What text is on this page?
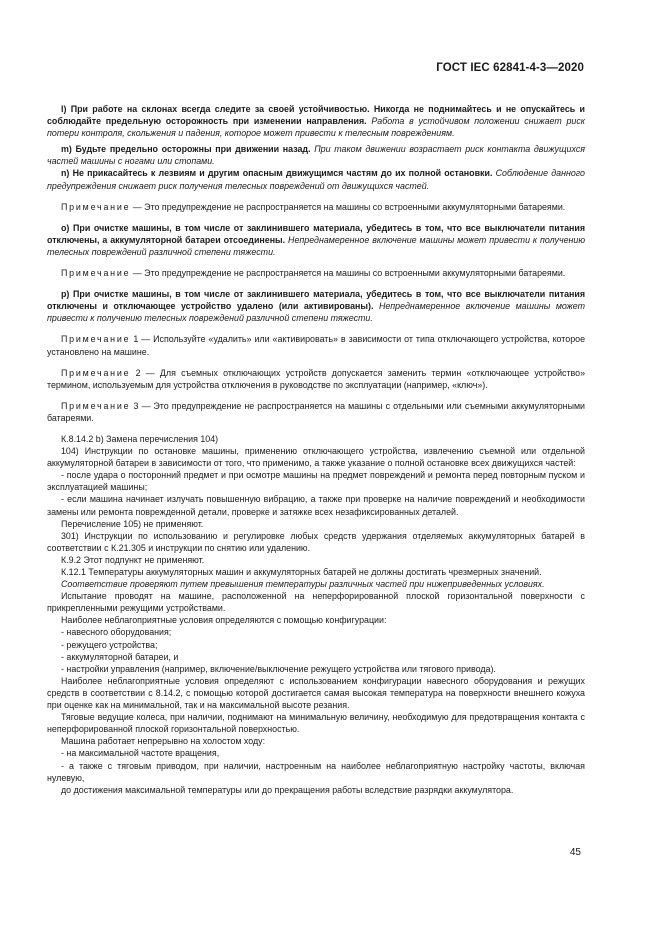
ГОСТ IEC 62841-4-3—2020

l) При работе на склонах всегда следите за своей устойчивостью. Никогда не поднимайтесь и не опускайтесь и соблюдайте предельную осторожность при изменении направления. Работа в устойчивом положении снижает риск потери контроля, скольжения и падения, которое может привести к телесным повреждениям.

m) Будьте предельно осторожны при движении назад. При таком движении возрастает риск контакта движущихся частей машины с ногами или стопами.

n) Не прикасайтесь к лезвиям и другим опасным движущимся частям до их полной остановки. Соблюдение данного предупреждения снижает риск получения телесных повреждений от движущихся частей.

Примечание — Это предупреждение не распространяется на машины со встроенными аккумуляторными батареями.

o) При очистке машины, в том числе от заклинившего материала, убедитесь в том, что все выключатели питания отключены, а аккумуляторной батареи отсоединены. Непреднамеренное включение машины может привести к получению телесных повреждений различной степени тяжести.

Примечание — Это предупреждение не распространяется на машины со встроенными аккумуляторными батареями.

p) При очистке машины, в том числе от заклинившего материала, убедитесь в том, что все выключатели питания отключены и отключающее устройство удалено (или активированы). Непреднамеренное включение машины может привести к получению телесных повреждений различной степени тяжести.

Примечание 1 — Используйте «удалить» или «активировать» в зависимости от типа отключающего устройства, которое установлено на машине.

Примечание 2 — Для съемных отключающих устройств допускается заменить термин «отключающее устройство» термином, используемым для устройства отключения в руководстве по эксплуатации (например, «ключ»).

Примечание 3 — Это предупреждение не распространяется на машины с отдельными или съемными аккумуляторными батареями.

К.8.14.2 b) Замена перечисления 104)

104) Инструкции по остановке машины, применению отключающего устройства, извлечению съемной или отдельной аккумуляторной батареи в зависимости от того, что применимо, а также указание о полной остановке всех движущихся частей:

- после удара о посторонний предмет и при осмотре машины на предмет повреждений и ремонта перед повторным пуском и эксплуатацией машины;

- если машина начинает излучать повышенную вибрацию, а также при проверке на наличие повреждений и необходимости замены или ремонта поврежденной детали, проверке и затяжке всех незафиксированных деталей.

Перечисление 105) не применяют.

301) Инструкции по использованию и регулировке любых средств удержания отделяемых аккумуляторных батарей в соответствии с К.21.305 и инструкции по снятию или удалению.

К.9.2 Этот подпункт не применяют.

К.12.1 Температуры аккумуляторных машин и аккумуляторных батарей не должны достигать чрезмерных значений.

Соответствие проверяют путем превышения температуры различных частей при нижеприведенных условиях.

Испытание проводят на машине, расположенной на неперфорированной плоской горизонтальной поверхности с прикрепленными режущими устройствами.

Наиболее неблагоприятные условия определяются с помощью конфигурации:

- навесного оборудования;

- режущего устройства;

- аккумуляторной батареи, и

- настройки управления (например, включение/выключение режущего устройства или тягового привода).

Наиболее неблагоприятные условия определяют с использованием конфигурации навесного оборудования и режущих средств в соответствии с 8.14.2, с помощью которой достигается самая высокая температура на поверхности внешнего кожуха при оценке как на минимальной, так и на максимальной высоте резания.

Тяговые ведущие колеса, при наличии, поднимают на минимальную величину, необходимую для предотвращения контакта с неперфорированной плоской горизонтальной поверхностью.

Машина работает непрерывно на холостом ходу:

- на максимальной частоте вращения,

- а также с тяговым приводом, при наличии, настроенным на наиболее неблагоприятную настройку частоты, включая нулевую,

до достижения максимальной температуры или до прекращения работы вследствие разрядки аккумулятора.

45
